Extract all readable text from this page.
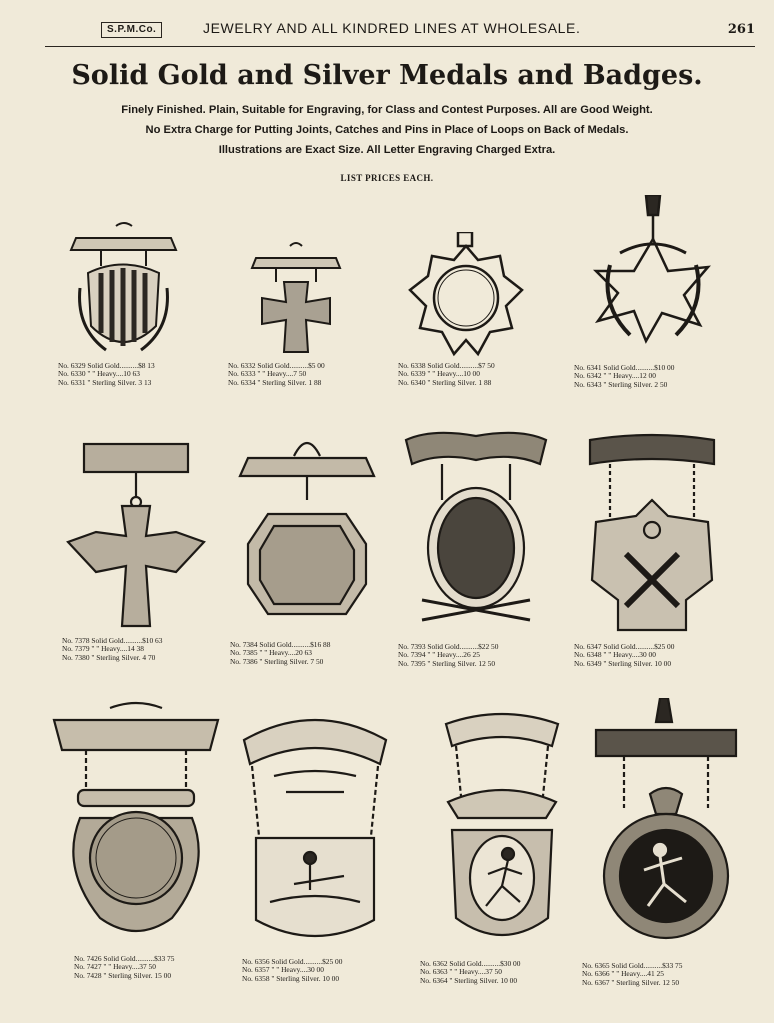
S.P.M.Co.	JEWELRY AND ALL KINDRED LINES AT WHOLESALE.	261
Solid Gold and Silver Medals and Badges.
Finely Finished. Plain, Suitable for Engraving, for Class and Contest Purposes. All are Good Weight.
No Extra Charge for Putting Joints, Catches and Pins in Place of Loops on Back of Medals.
Illustrations are Exact Size. All Letter Engraving Charged Extra.
LIST PRICES EACH.
No. 6329 Solid Gold..........$8 13
No. 6330 " " Heavy....10 63
No. 6331 " Sterling Silver. 3 13
No. 6332 Solid Gold..........$5 00
No. 6333 " " Heavy....7 50
No. 6334 " Sterling Silver. 1 88
No. 6338 Solid Gold..........$7 50
No. 6339 " " Heavy....10 00
No. 6340 " Sterling Silver. 1 88
No. 6341 Solid Gold..........$10 00
No. 6342 " " Heavy....12 00
No. 6343 " Sterling Silver. 2 50
No. 7378 Solid Gold..........$10 63
No. 7379 " " Heavy....14 38
No. 7380 " Sterling Silver. 4 70
No. 7384 Solid Gold..........$16 88
No. 7385 " " Heavy....20 63
No. 7386 " Sterling Silver. 7 50
No. 7393 Solid Gold..........$22 50
No. 7394 " " Heavy....26 25
No. 7395 " Sterling Silver. 12 50
No. 6347 Solid Gold..........$25 00
No. 6348 " " Heavy....30 00
No. 6349 " Sterling Silver. 10 00
No. 7426 Solid Gold..........$33 75
No. 7427 " " Heavy....37 50
No. 7428 " Sterling Silver. 15 00
No. 6356 Solid Gold..........$25 00
No. 6357 " " Heavy....30 00
No. 6358 " Sterling Silver. 10 00
No. 6362 Solid Gold..........$30 00
No. 6363 " " Heavy....37 50
No. 6364 " Sterling Silver. 10 00
No. 6365 Solid Gold..........$33 75
No. 6366 " " Heavy....41 25
No. 6367 " Sterling Silver. 12 50
